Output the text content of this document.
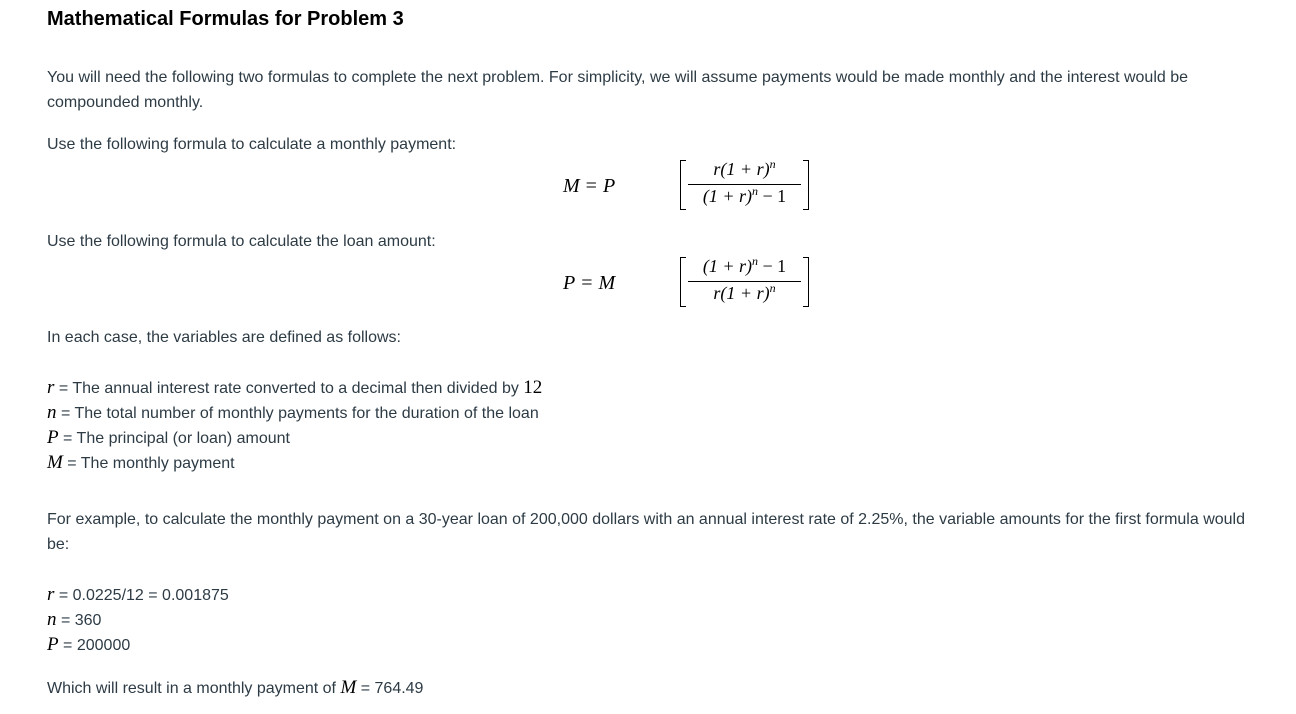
Mathematical Formulas for Problem 3

You will need the following two formulas to complete the next problem. For simplicity, we will assume payments would be made monthly and the interest would be compounded monthly.

Use the following formula to calculate a monthly payment:

M = P
$r(1 + r)^n$
$(1 + r)^n - 1$

Use the following formula to calculate the loan amount:

P = M
$(1 + r)^n - 1$
$r(1 + r)^n$

In each case, the variables are defined as follows:

r = The annual interest rate converted to a decimal then divided by 12
n = The total number of monthly payments for the duration of the loan
P = The principal (or loan) amount
M = The monthly payment

For example, to calculate the monthly payment on a 30-year loan of 200,000 dollars with an annual interest rate of 2.25%, the variable amounts for the first formula would be:

r = 0.0225/12 = 0.001875
n = 360
P = 200000
Which will result in a monthly payment of M = 764.49
